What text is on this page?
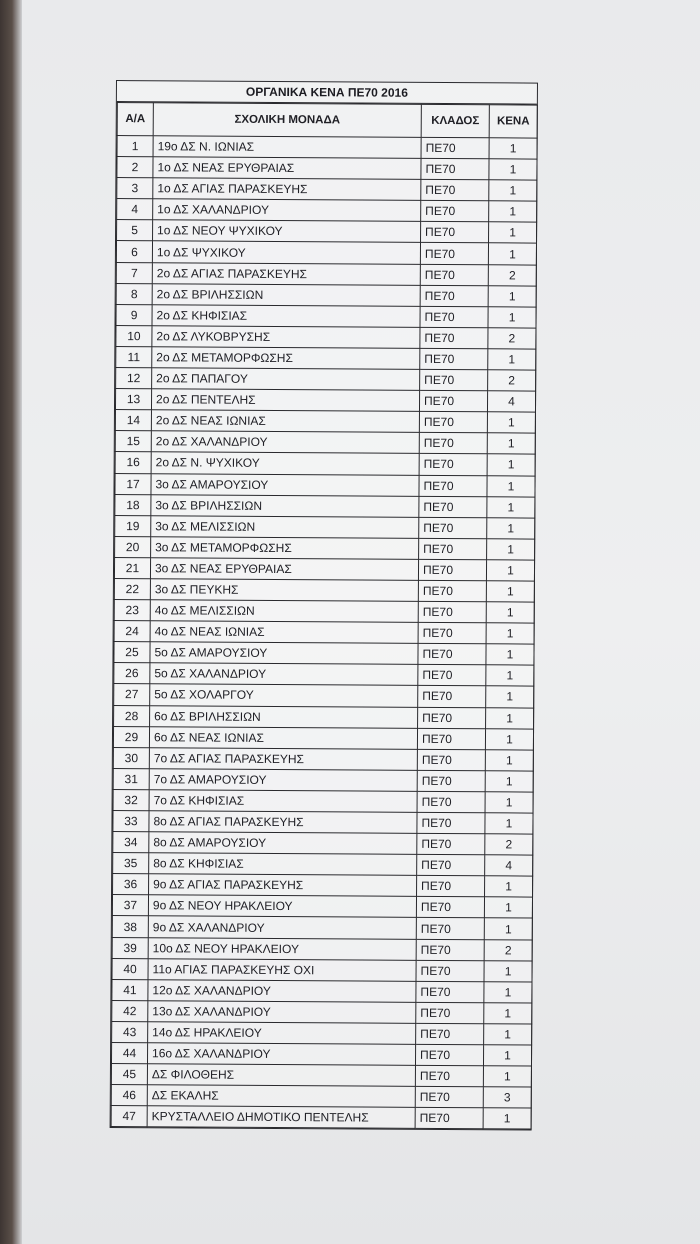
ΟΡΓΑΝΙΚΑ ΚΕΝΑ ΠΕ70 2016
Α/Α	ΣΧΟΛΙΚΗ ΜΟΝΑΔΑ	ΚΛΑΔΟΣ	ΚΕΝΑ
1	19ο ΔΣ Ν. ΙΩΝΙΑΣ	ΠΕ70	1
2	1ο ΔΣ ΝΕΑΣ ΕΡΥΘΡΑΙΑΣ	ΠΕ70	1
3	1ο ΔΣ ΑΓΙΑΣ ΠΑΡΑΣΚΕΥΗΣ	ΠΕ70	1
4	1ο ΔΣ ΧΑΛΑΝΔΡΙΟΥ	ΠΕ70	1
5	1ο ΔΣ ΝΕΟΥ ΨΥΧΙΚΟΥ	ΠΕ70	1
6	1ο ΔΣ ΨΥΧΙΚΟΥ	ΠΕ70	1
7	2ο ΔΣ ΑΓΙΑΣ ΠΑΡΑΣΚΕΥΗΣ	ΠΕ70	2
8	2ο ΔΣ ΒΡΙΛΗΣΣΙΩΝ	ΠΕ70	1
9	2ο ΔΣ ΚΗΦΙΣΙΑΣ	ΠΕ70	1
10	2ο ΔΣ ΛΥΚΟΒΡΥΣΗΣ	ΠΕ70	2
11	2ο ΔΣ ΜΕΤΑΜΟΡΦΩΣΗΣ	ΠΕ70	1
12	2ο ΔΣ ΠΑΠΑΓΟΥ	ΠΕ70	2
13	2ο ΔΣ ΠΕΝΤΕΛΗΣ	ΠΕ70	4
14	2ο ΔΣ ΝΕΑΣ ΙΩΝΙΑΣ	ΠΕ70	1
15	2ο ΔΣ ΧΑΛΑΝΔΡΙΟΥ	ΠΕ70	1
16	2ο ΔΣ Ν. ΨΥΧΙΚΟΥ	ΠΕ70	1
17	3ο ΔΣ ΑΜΑΡΟΥΣΙΟΥ	ΠΕ70	1
18	3ο ΔΣ ΒΡΙΛΗΣΣΙΩΝ	ΠΕ70	1
19	3ο ΔΣ ΜΕΛΙΣΣΙΩΝ	ΠΕ70	1
20	3ο ΔΣ ΜΕΤΑΜΟΡΦΩΣΗΣ	ΠΕ70	1
21	3ο ΔΣ ΝΕΑΣ ΕΡΥΘΡΑΙΑΣ	ΠΕ70	1
22	3ο ΔΣ ΠΕΥΚΗΣ	ΠΕ70	1
23	4ο ΔΣ ΜΕΛΙΣΣΙΩΝ	ΠΕ70	1
24	4ο ΔΣ ΝΕΑΣ ΙΩΝΙΑΣ	ΠΕ70	1
25	5ο ΔΣ ΑΜΑΡΟΥΣΙΟΥ	ΠΕ70	1
26	5ο ΔΣ ΧΑΛΑΝΔΡΙΟΥ	ΠΕ70	1
27	5ο ΔΣ ΧΟΛΑΡΓΟΥ	ΠΕ70	1
28	6ο ΔΣ ΒΡΙΛΗΣΣΙΩΝ	ΠΕ70	1
29	6ο ΔΣ ΝΕΑΣ ΙΩΝΙΑΣ	ΠΕ70	1
30	7ο ΔΣ ΑΓΙΑΣ ΠΑΡΑΣΚΕΥΗΣ	ΠΕ70	1
31	7ο ΔΣ ΑΜΑΡΟΥΣΙΟΥ	ΠΕ70	1
32	7ο ΔΣ ΚΗΦΙΣΙΑΣ	ΠΕ70	1
33	8ο ΔΣ ΑΓΙΑΣ ΠΑΡΑΣΚΕΥΗΣ	ΠΕ70	1
34	8ο ΔΣ ΑΜΑΡΟΥΣΙΟΥ	ΠΕ70	2
35	8ο ΔΣ ΚΗΦΙΣΙΑΣ	ΠΕ70	4
36	9ο ΔΣ ΑΓΙΑΣ ΠΑΡΑΣΚΕΥΗΣ	ΠΕ70	1
37	9ο ΔΣ ΝΕΟΥ ΗΡΑΚΛΕΙΟΥ	ΠΕ70	1
38	9ο ΔΣ ΧΑΛΑΝΔΡΙΟΥ	ΠΕ70	1
39	10ο ΔΣ ΝΕΟΥ ΗΡΑΚΛΕΙΟΥ	ΠΕ70	2
40	11ο ΑΓΙΑΣ ΠΑΡΑΣΚΕΥΗΣ ΟΧΙ	ΠΕ70	1
41	12ο ΔΣ ΧΑΛΑΝΔΡΙΟΥ	ΠΕ70	1
42	13ο ΔΣ ΧΑΛΑΝΔΡΙΟΥ	ΠΕ70	1
43	14ο ΔΣ ΗΡΑΚΛΕΙΟΥ	ΠΕ70	1
44	16ο ΔΣ ΧΑΛΑΝΔΡΙΟΥ	ΠΕ70	1
45	ΔΣ ΦΙΛΟΘΕΗΣ	ΠΕ70	1
46	ΔΣ ΕΚΑΛΗΣ	ΠΕ70	3
47	ΚΡΥΣΤΑΛΛΕΙΟ ΔΗΜΟΤΙΚΟ ΠΕΝΤΕΛΗΣ	ΠΕ70	1
